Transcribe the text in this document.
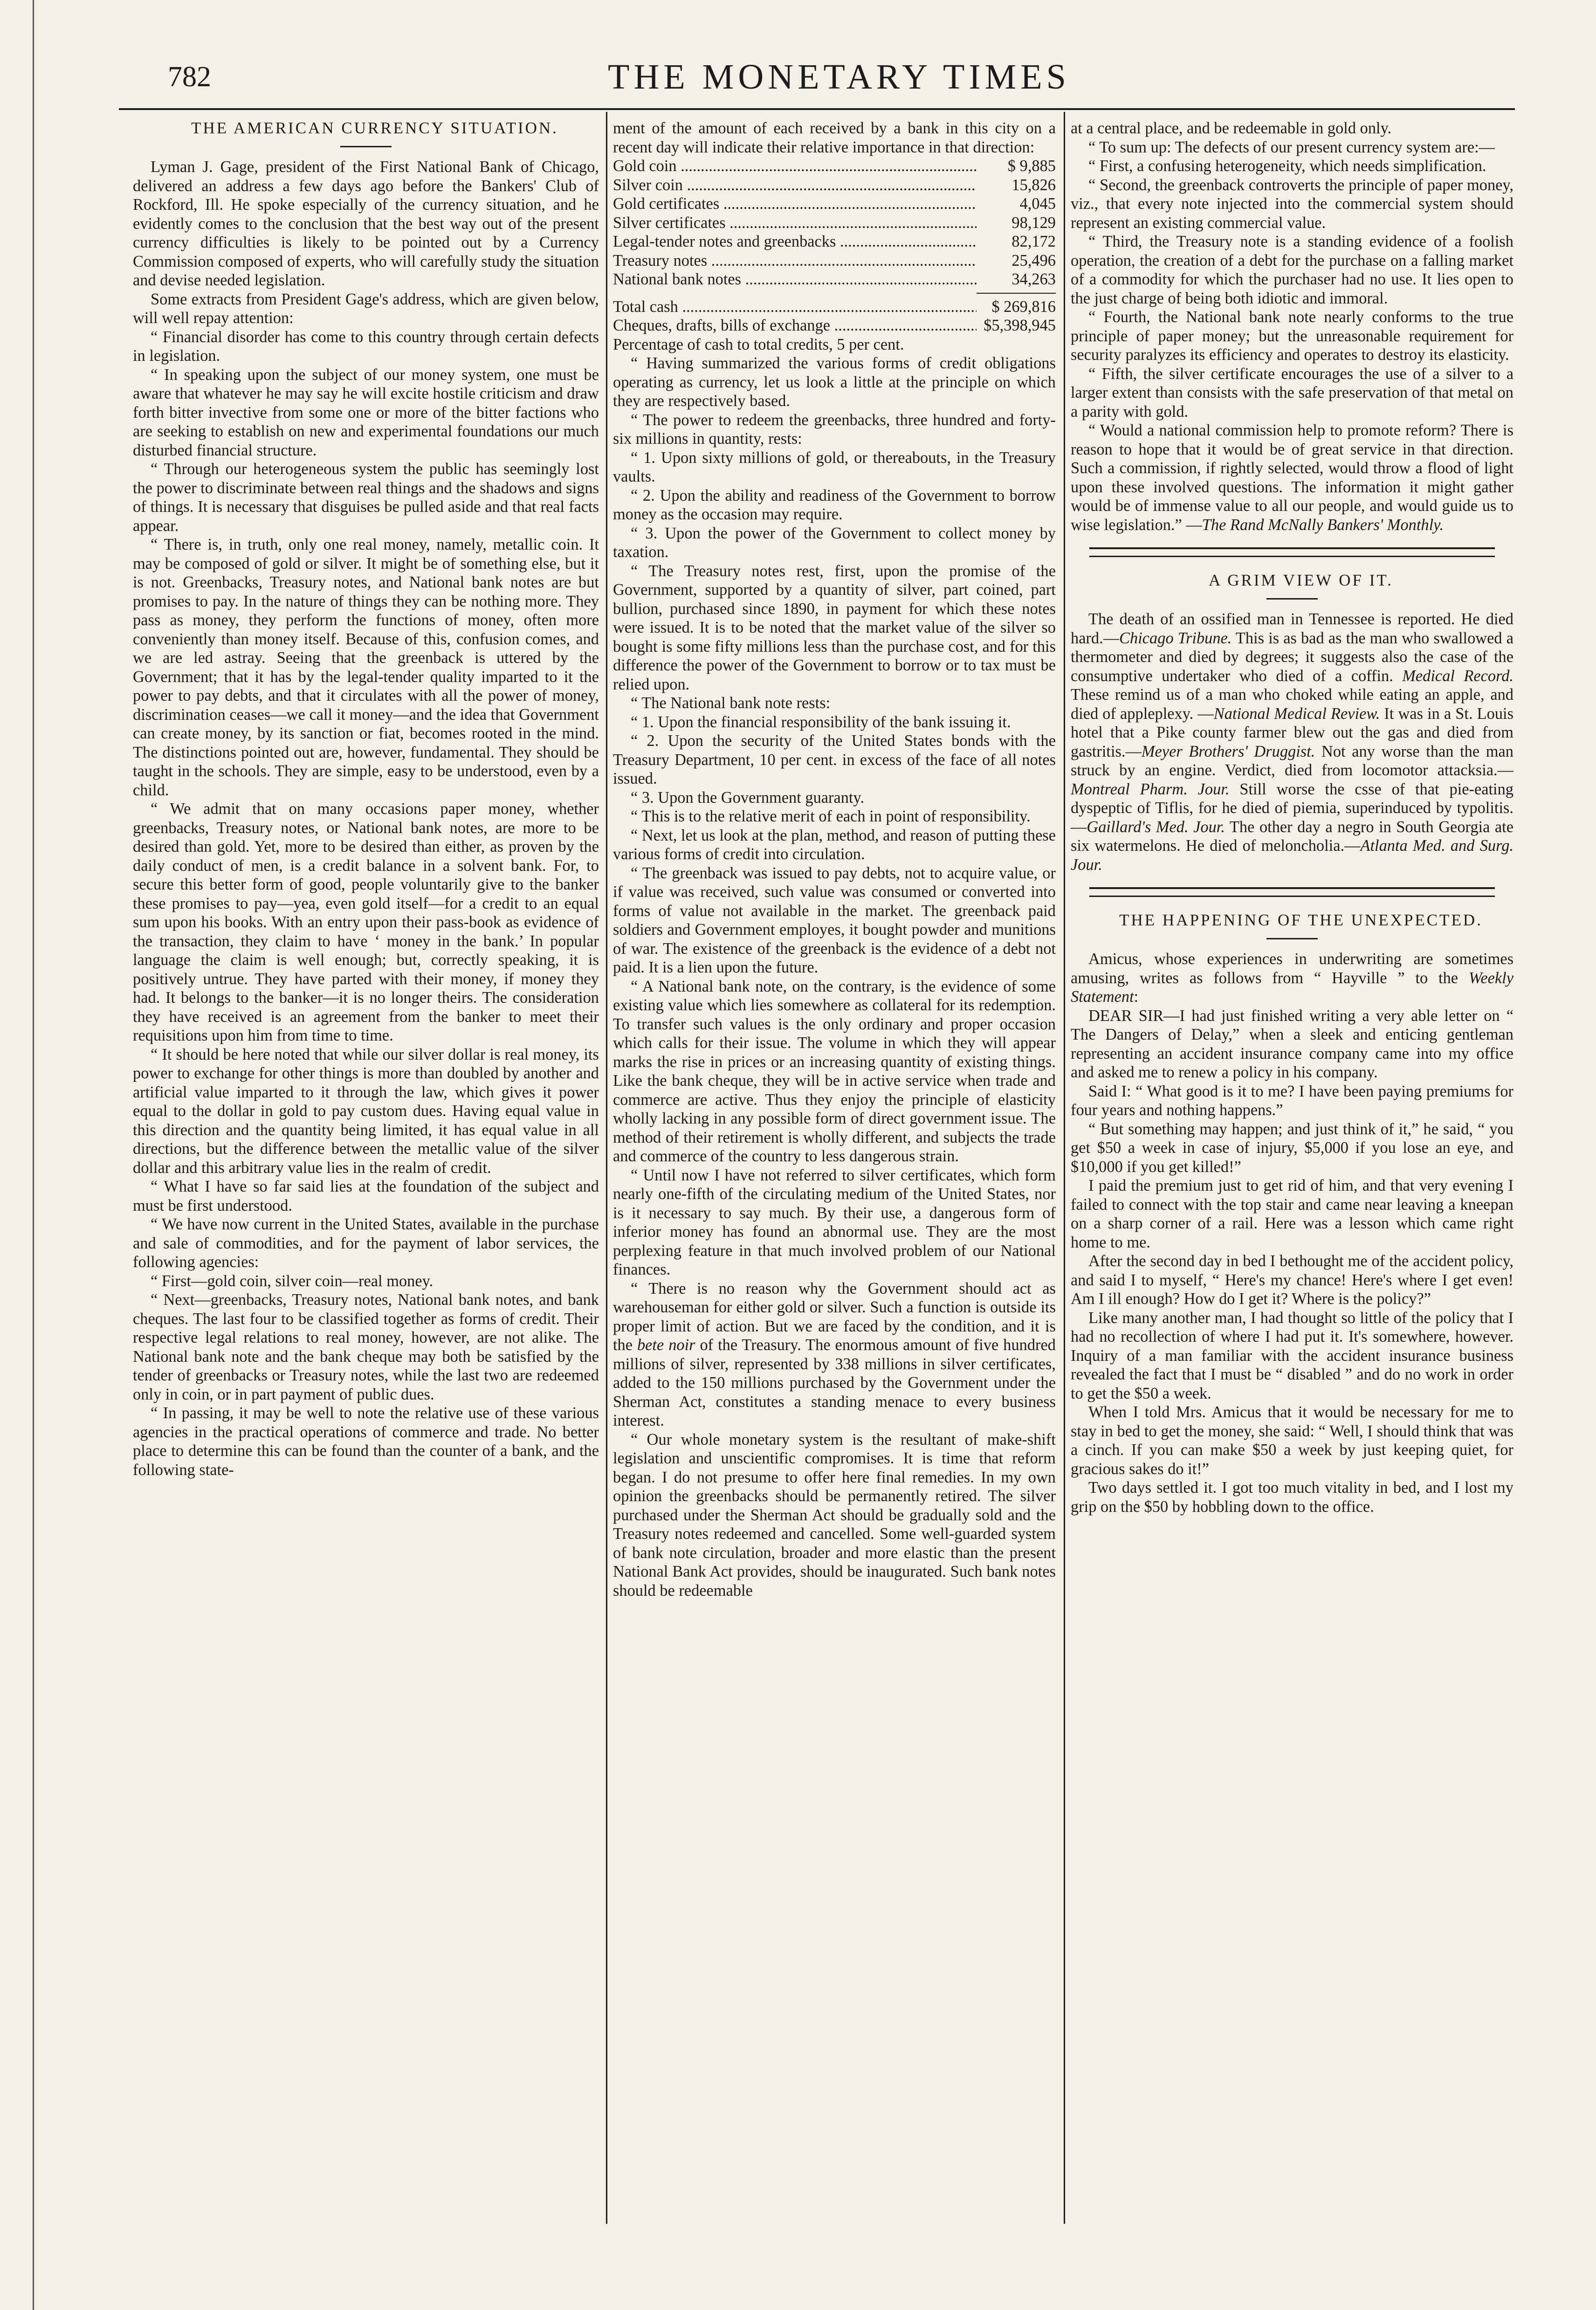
782	THE MONETARY TIMES

THE AMERICAN CURRENCY SITUATION.

Lyman J. Gage, president of the First National Bank of Chicago, delivered an address a few days ago before the Bankers' Club of Rockford, Ill. He spoke especially of the currency situation, and he evidently comes to the conclusion that the best way out of the present currency difficulties is likely to be pointed out by a Currency Commission composed of experts, who will carefully study the situation and devise needed legislation.

Some extracts from President Gage's address, which are given below, will well repay attention:

“ Financial disorder has come to this country through certain defects in legislation.

“ In speaking upon the subject of our money system, one must be aware that whatever he may say he will excite hostile criticism and draw forth bitter invective from some one or more of the bitter factions who are seeking to establish on new and experimental foundations our much disturbed financial structure.

“ Through our heterogeneous system the public has seemingly lost the power to discriminate between real things and the shadows and signs of things. It is necessary that disguises be pulled aside and that real facts appear.

“ There is, in truth, only one real money, namely, metallic coin. It may be composed of gold or silver. It might be of something else, but it is not. Greenbacks, Treasury notes, and National bank notes are but promises to pay. In the nature of things they can be nothing more. They pass as money, they perform the functions of money, often more conveniently than money itself. Because of this, confusion comes, and we are led astray. Seeing that the greenback is uttered by the Government; that it has by the legal-tender quality imparted to it the power to pay debts, and that it circulates with all the power of money, discrimination ceases—we call it money—and the idea that Government can create money, by its sanction or fiat, becomes rooted in the mind. The distinctions pointed out are, however, fundamental. They should be taught in the schools. They are simple, easy to be understood, even by a child.

“ We admit that on many occasions paper money, whether greenbacks, Treasury notes, or National bank notes, are more to be desired than gold. Yet, more to be desired than either, as proven by the daily conduct of men, is a credit balance in a solvent bank. For, to secure this better form of good, people voluntarily give to the banker these promises to pay—yea, even gold itself—for a credit to an equal sum upon his books. With an entry upon their pass-book as evidence of the transaction, they claim to have ‘ money in the bank.’ In popular language the claim is well enough; but, correctly speaking, it is positively untrue. They have parted with their money, if money they had. It belongs to the banker—it is no longer theirs. The consideration they have received is an agreement from the banker to meet their requisitions upon him from time to time.

“ It should be here noted that while our silver dollar is real money, its power to exchange for other things is more than doubled by another and artificial value imparted to it through the law, which gives it power equal to the dollar in gold to pay custom dues. Having equal value in this direction and the quantity being limited, it has equal value in all directions, but the difference between the metallic value of the silver dollar and this arbitrary value lies in the realm of credit.

“ What I have so far said lies at the foundation of the subject and must be first understood.

“ We have now current in the United States, available in the purchase and sale of commodities, and for the payment of labor services, the following agencies:

“ First—gold coin, silver coin—real money.

“ Next—greenbacks, Treasury notes, National bank notes, and bank cheques. The last four to be classified together as forms of credit. Their respective legal relations to real money, however, are not alike. The National bank note and the bank cheque may both be satisfied by the tender of greenbacks or Treasury notes, while the last two are redeemed only in coin, or in part payment of public dues.

“ In passing, it may be well to note the relative use of these various agencies in the practical operations of commerce and trade. No better place to determine this can be found than the counter of a bank, and the following state-

ment of the amount of each received by a bank in this city on a recent day will indicate their relative importance in that direction:

Gold coin .....	$ 9,885
Silver coin .....	15,826
Gold certificates .....	4,045
Silver certificates .....	98,129
Legal-tender notes and greenbacks .....	82,172
Treasury notes .....	25,496
National bank notes .....	34,263
Total cash .....	$ 269,816
Cheques, drafts, bills of exchange .....	$5,398,945

Percentage of cash to total credits, 5 per cent.

“ Having summarized the various forms of credit obligations operating as currency, let us look a little at the principle on which they are respectively based.

“ The power to redeem the greenbacks, three hundred and forty-six millions in quantity, rests:

“ 1. Upon sixty millions of gold, or thereabouts, in the Treasury vaults.

“ 2. Upon the ability and readiness of the Government to borrow money as the occasion may require.

“ 3. Upon the power of the Government to collect money by taxation.

“ The Treasury notes rest, first, upon the promise of the Government, supported by a quantity of silver, part coined, part bullion, purchased since 1890, in payment for which these notes were issued. It is to be noted that the market value of the silver so bought is some fifty millions less than the purchase cost, and for this difference the power of the Government to borrow or to tax must be relied upon.

“ The National bank note rests:

“ 1. Upon the financial responsibility of the bank issuing it.

“ 2. Upon the security of the United States bonds with the Treasury Department, 10 per cent. in excess of the face of all notes issued.

“ 3. Upon the Government guaranty.

“ This is to the relative merit of each in point of responsibility.

“ Next, let us look at the plan, method, and reason of putting these various forms of credit into circulation.

“ The greenback was issued to pay debts, not to acquire value, or if value was received, such value was consumed or converted into forms of value not available in the market. The greenback paid soldiers and Government employes, it bought powder and munitions of war. The existence of the greenback is the evidence of a debt not paid. It is a lien upon the future.

“ A National bank note, on the contrary, is the evidence of some existing value which lies somewhere as collateral for its redemption. To transfer such values is the only ordinary and proper occasion which calls for their issue. The volume in which they will appear marks the rise in prices or an increasing quantity of existing things. Like the bank cheque, they will be in active service when trade and commerce are active. Thus they enjoy the principle of elasticity wholly lacking in any possible form of direct government issue. The method of their retirement is wholly different, and subjects the trade and commerce of the country to less dangerous strain.

“ Until now I have not referred to silver certificates, which form nearly one-fifth of the circulating medium of the United States, nor is it necessary to say much. By their use, a dangerous form of inferior money has found an abnormal use. They are the most perplexing feature in that much involved problem of our National finances.

“ There is no reason why the Government should act as warehouseman for either gold or silver. Such a function is outside its proper limit of action. But we are faced by the condition, and it is the bete noir of the Treasury. The enormous amount of five hundred millions of silver, represented by 338 millions in silver certificates, added to the 150 millions purchased by the Government under the Sherman Act, constitutes a standing menace to every business interest.

“ Our whole monetary system is the resultant of make-shift legislation and unscientific compromises. It is time that reform began. I do not presume to offer here final remedies. In my own opinion the greenbacks should be permanently retired. The silver purchased under the Sherman Act should be gradually sold and the Treasury notes redeemed and cancelled. Some well-guarded system of bank note circulation, broader and more elastic than the present National Bank Act provides, should be inaugurated. Such bank notes should be redeemable

at a central place, and be redeemable in gold only.

“ To sum up: The defects of our present currency system are:—

“ First, a confusing heterogeneity, which needs simplification.

“ Second, the greenback controverts the principle of paper money, viz., that every note injected into the commercial system should represent an existing commercial value.

“ Third, the Treasury note is a standing evidence of a foolish operation, the creation of a debt for the purchase on a falling market of a commodity for which the purchaser had no use. It lies open to the just charge of being both idiotic and immoral.

“ Fourth, the National bank note nearly conforms to the true principle of paper money; but the unreasonable requirement for security paralyzes its efficiency and operates to destroy its elasticity.

“ Fifth, the silver certificate encourages the use of a silver to a larger extent than consists with the safe preservation of that metal on a parity with gold.

“ Would a national commission help to promote reform? There is reason to hope that it would be of great service in that direction. Such a commission, if rightly selected, would throw a flood of light upon these involved questions. The information it might gather would be of immense value to all our people, and would guide us to wise legislation.” —The Rand McNally Bankers' Monthly.

A GRIM VIEW OF IT.

The death of an ossified man in Tennessee is reported. He died hard.—Chicago Tribune. This is as bad as the man who swallowed a thermometer and died by degrees; it suggests also the case of the consumptive undertaker who died of a coffin. Medical Record. These remind us of a man who choked while eating an apple, and died of appleplexy. —National Medical Review. It was in a St. Louis hotel that a Pike county farmer blew out the gas and died from gastritis.—Meyer Brothers' Druggist. Not any worse than the man struck by an engine. Verdict, died from locomotor attacksia.—Montreal Pharm. Jour. Still worse the csse of that pie-eating dyspeptic of Tiflis, for he died of piemia, superinduced by typolitis.—Gaillard's Med. Jour. The other day a negro in South Georgia ate six watermelons. He died of meloncholia.—Atlanta Med. and Surg. Jour.

THE HAPPENING OF THE UNEXPECTED.

Amicus, whose experiences in underwriting are sometimes amusing, writes as follows from “ Hayville ” to the Weekly Statement:

DEAR SIR—I had just finished writing a very able letter on “ The Dangers of Delay,” when a sleek and enticing gentleman representing an accident insurance company came into my office and asked me to renew a policy in his company.

Said I: “ What good is it to me? I have been paying premiums for four years and nothing happens.”

“ But something may happen; and just think of it,” he said, “ you get $50 a week in case of injury, $5,000 if you lose an eye, and $10,000 if you get killed!”

I paid the premium just to get rid of him, and that very evening I failed to connect with the top stair and came near leaving a kneepan on a sharp corner of a rail. Here was a lesson which came right home to me.

After the second day in bed I bethought me of the accident policy, and said I to myself, “ Here's my chance! Here's where I get even! Am I ill enough? How do I get it? Where is the policy?”

Like many another man, I had thought so little of the policy that I had no recollection of where I had put it. It's somewhere, however. Inquiry of a man familiar with the accident insurance business revealed the fact that I must be “ disabled ” and do no work in order to get the $50 a week.

When I told Mrs. Amicus that it would be necessary for me to stay in bed to get the money, she said: “ Well, I should think that was a cinch. If you can make $50 a week by just keeping quiet, for gracious sakes do it!”

Two days settled it. I got too much vitality in bed, and I lost my grip on the $50 by hobbling down to the office.
